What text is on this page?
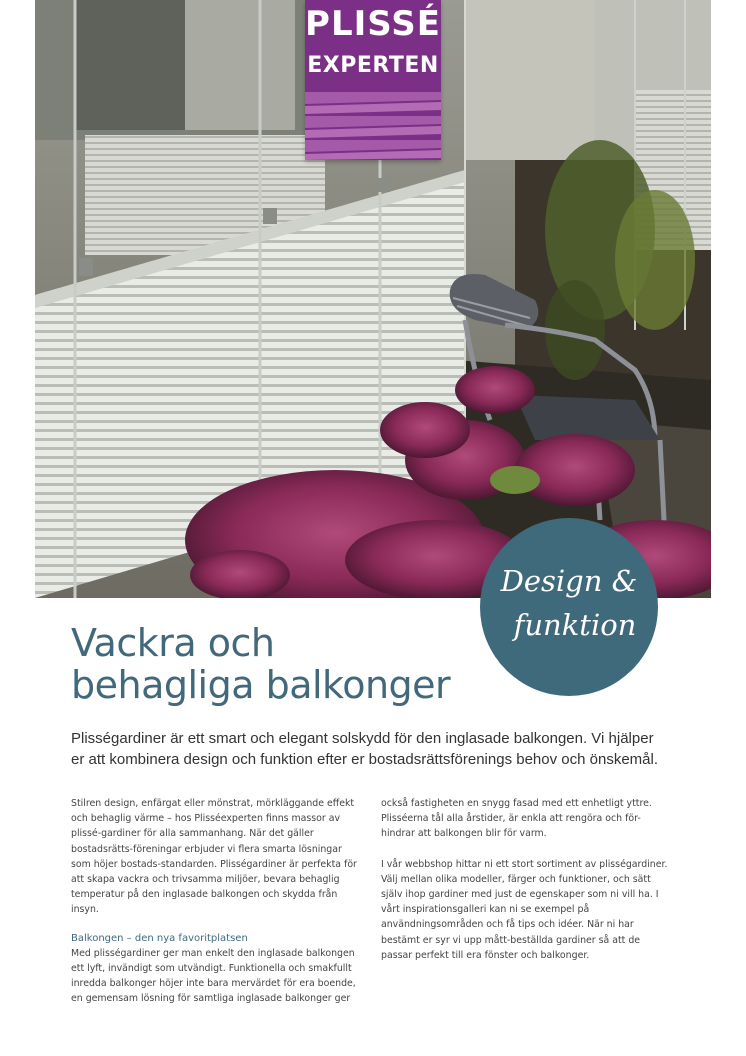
PLISSÉ
EXPERTEN
Design &
funktion
Vackra och
behagliga balkonger

Plisségardiner är ett smart och elegant solskydd för den inglasade balkongen. Vi hjälper er att kombinera design och funktion efter er bostadsrättsförenings behov och önskemål.

Stilren design, enfärgat eller mönstrat, mörkläggande effekt och behaglig värme – hos Plisséexperten finns massor av plissé-gardiner för alla sammanhang. När det gäller bostadsrätts-föreningar erbjuder vi flera smarta lösningar som höjer bostads-standarden. Plisségardiner är perfekta för att skapa vackra och trivsamma miljöer, bevara behaglig temperatur på den inglasade balkongen och skydda från insyn.

Balkongen – den nya favoritplatsen

Med plisségardiner ger man enkelt den inglasade balkongen ett lyft, invändigt som utvändigt. Funktionella och smakfullt inredda balkonger höjer inte bara mervärdet för era boende, en gemensam lösning för samtliga inglasade balkonger ger

också fastigheten en snygg fasad med ett enhetligt yttre. Plisséerna tål alla årstider, är enkla att rengöra och för-hindrar att balkongen blir för varm.

I vår webbshop hittar ni ett stort sortiment av plisségardiner. Välj mellan olika modeller, färger och funktioner, och sätt själv ihop gardiner med just de egenskaper som ni vill ha. I vårt inspirationsgalleri kan ni se exempel på användningsområden och få tips och idéer. När ni har bestämt er syr vi upp mått-beställda gardiner så att de passar perfekt till era fönster och balkonger.
